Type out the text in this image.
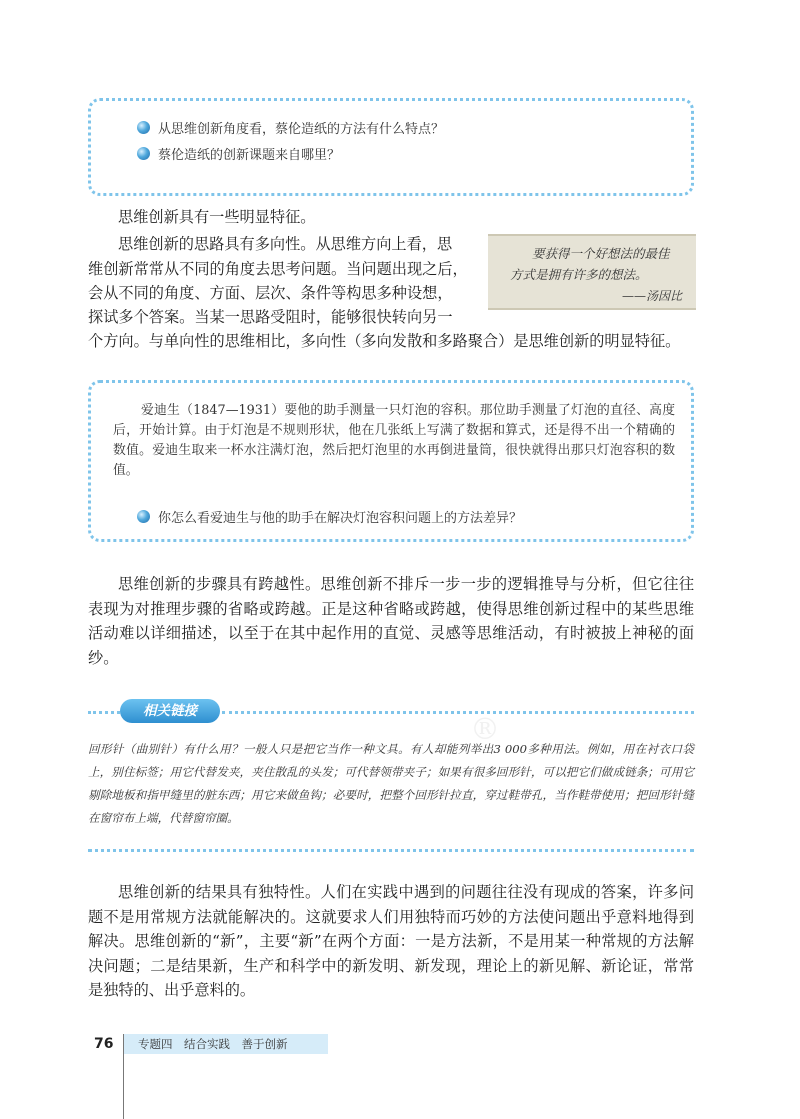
从思维创新角度看，蔡伦造纸的方法有什么特点？
蔡伦造纸的创新课题来自哪里？

思维创新具有一些明显特征。

思维创新的思路具有多向性。从思维方向上看，思

维创新常常从不同的角度去思考问题。当问题出现之后，

会从不同的角度、方面、层次、条件等构思多种设想，

探试多个答案。当某一思路受阻时，能够很快转向另一

个方向。与单向性的思维相比，多向性（多向发散和多路聚合）是思维创新的明显特征。

要获得一个好想法的最佳
方式是拥有许多的想法。
——汤因比

爱迪生（1847—1931）要他的助手测量一只灯泡的容积。那位助手测量了灯泡的直径、高度后，开始计算。由于灯泡是不规则形状，他在几张纸上写满了数据和算式，还是得不出一个精确的数值。爱迪生取来一杯水注满灯泡，然后把灯泡里的水再倒进量筒，很快就得出那只灯泡容积的数值。

你怎么看爱迪生与他的助手在解决灯泡容积问题上的方法差异？

思维创新的步骤具有跨越性。思维创新不排斥一步一步的逻辑推导与分析，但它往往表现为对推理步骤的省略或跨越。正是这种省略或跨越，使得思维创新过程中的某些思维活动难以详细描述，以至于在其中起作用的直觉、灵感等思维活动，有时被披上神秘的面纱。

相关链接
®

回形针（曲别针）有什么用？一般人只是把它当作一种文具。有人却能列举出3 000多种用法。例如，用在衬衣口袋上，别住标签；用它代替发夹，夹住散乱的头发；可代替领带夹子；如果有很多回形针，可以把它们做成链条；可用它剔除地板和指甲缝里的脏东西；用它来做鱼钩；必要时，把整个回形针拉直，穿过鞋带孔，当作鞋带使用；把回形针缝在窗帘布上端，代替窗帘圈。

思维创新的结果具有独特性。人们在实践中遇到的问题往往没有现成的答案，许多问题不是用常规方法就能解决的。这就要求人们用独特而巧妙的方法使问题出乎意料地得到解决。思维创新的“新”，主要“新”在两个方面：一是方法新，不是用某一种常规的方法解决问题；二是结果新，生产和科学中的新发明、新发现，理论上的新见解、新论证，常常是独特的、出乎意料的。

76 专题四　结合实践　善于创新
